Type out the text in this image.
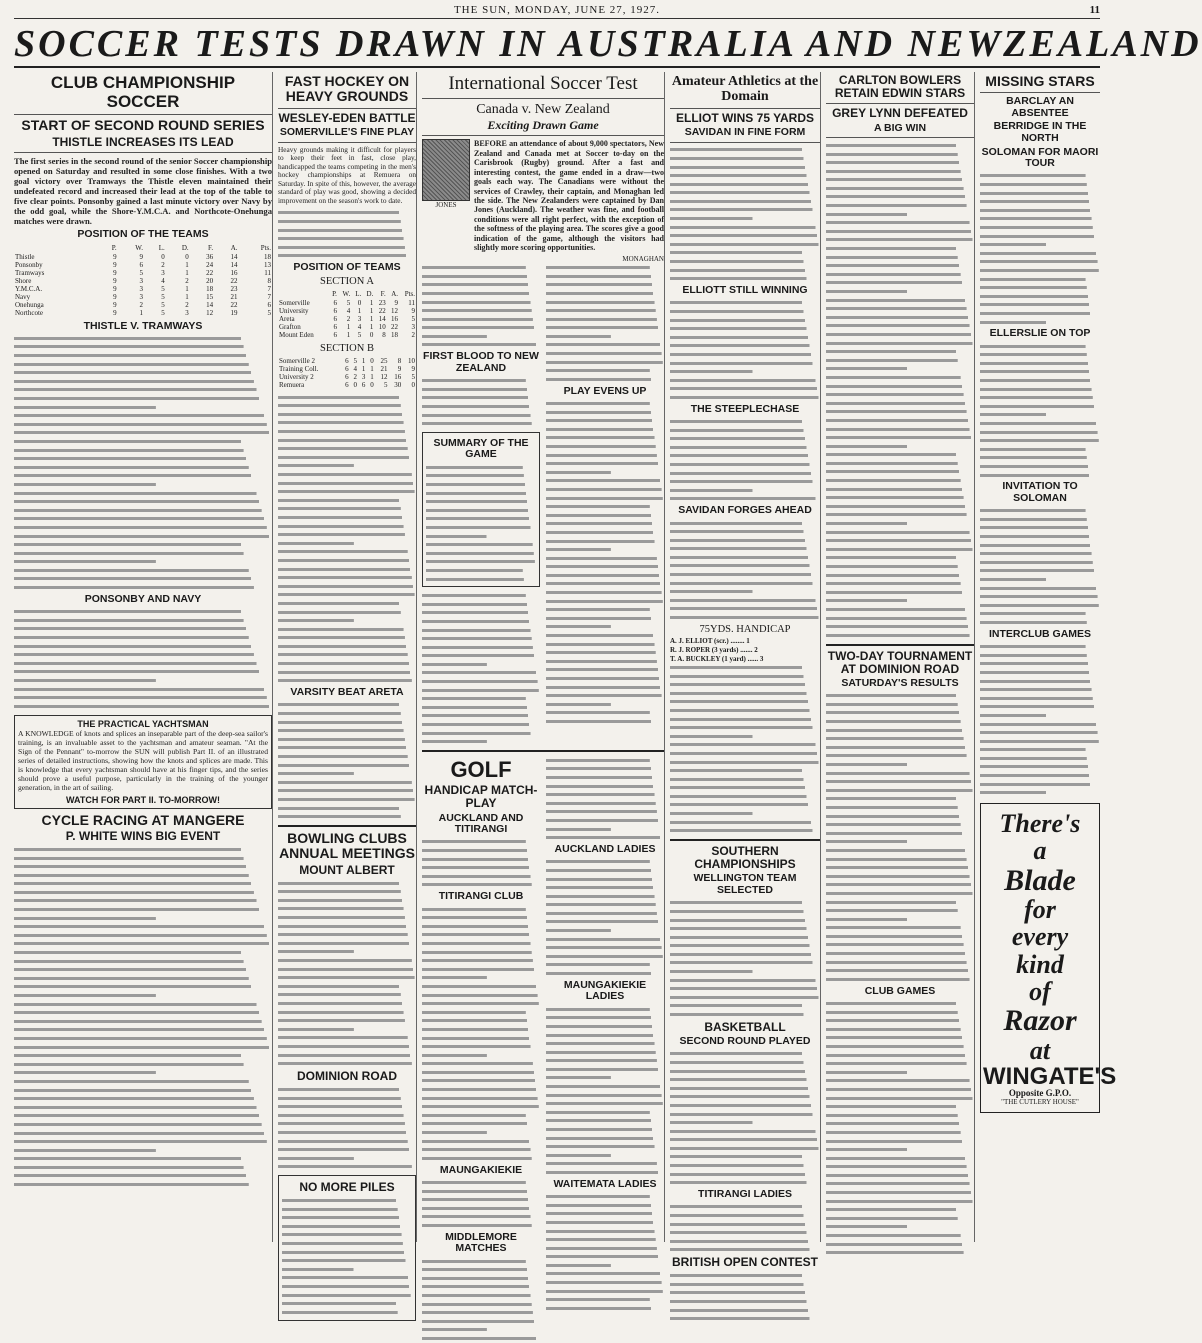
THE SUN, MONDAY, JUNE 27, 1927.	11
SOCCER TESTS DRAWN IN AUSTRALIA AND NEWZEALAND
CLUB CHAMPIONSHIP SOCCER
START OF SECOND ROUND SERIES
THISTLE INCREASES ITS LEAD

The first series in the second round of the senior Soccer championship opened on Saturday and resulted in some close finishes. With a two goal victory over Tramways the Thistle eleven maintained their undefeated record and increased their lead at the top of the table to five clear points. Ponsonby gained a last minute victory over Navy by the odd goal, while the Shore-Y.M.C.A. and Northcote-Onehunga matches were drawn.

POSITION OF THE TEAMS
	P.	W.	L.	D.	F.	A.	Pts.
Thistle	9	9	0	0	36	14	18
Ponsonby	9	6	2	1	24	14	13
Tramways	9	5	3	1	22	16	11
Shore	9	3	4	2	20	22	8
Y.M.C.A.	9	3	5	1	18	23	7
Navy	9	3	5	1	15	21	7
Onehunga	9	2	5	2	14	22	6
Northcote	9	1	5	3	12	19	5
THISTLE V. TRAMWAYS
PONSONBY AND NAVY
THE PRACTICAL YACHTSMAN

A KNOWLEDGE of knots and splices an inseparable part of the deep-sea sailor's training, is an invaluable asset to the yachtsman and amateur seaman. "At the Sign of the Pennant" to-morrow the SUN will publish Part II. of an illustrated series of detailed instructions, showing how the knots and splices are made. This is knowledge that every yachtsman should have at his finger tips, and the series should prove a useful purpose, particularly in the training of the younger generation, in the art of sailing.

WATCH FOR PART II. TO-MORROW!
CYCLE RACING AT MANGERE
P. WHITE WINS BIG EVENT
FAST HOCKEY ON HEAVY GROUNDS
WESLEY-EDEN BATTLE
SOMERVILLE'S FINE PLAY

Heavy grounds making it difficult for players to keep their feet in fast, close play, handicapped the teams competing in the men's hockey championships at Remuera on Saturday. In spite of this, however, the average standard of play was good, showing a decided improvement on the season's work to date.

POSITION OF TEAMS
SECTION A
	P.	W.	L.	D.	F.	A.	Pts.
Somerville	6	5	0	1	23	9	11
University	6	4	1	1	22	12	9
Aretа	6	2	3	1	14	16	5
Grafton	6	1	4	1	10	22	3
Mount Eden	6	1	5	0	8	18	2
SECTION B
Somerville 2	6	5	1	0	25	8	10
Training Coll.	6	4	1	1	21	9	9
University 2	6	2	3	1	12	16	5
Remuera	6	0	6	0	5	30	0
VARSITY BEAT ARETA
BOWLING CLUBS ANNUAL MEETINGS
MOUNT ALBERT
DOMINION ROAD
NO MORE PILES
International Soccer Test
Canada v. New Zealand
Exciting Drawn Game
JONES

BEFORE an attendance of about 9,000 spectators, New Zealand and Canada met at Soccer to-day on the Carisbrook (Rugby) ground. After a fast and interesting contest, the game ended in a draw—two goals each way. The Canadians were without the services of Crawley, their captain, and Monaghan led the side. The New Zealanders were captained by Dan Jones (Auckland). The weather was fine, and football conditions were all right perfect, with the exception of the softness of the playing area. The scores give a good indication of the game, although the visitors had slightly more scoring opportunities.

MONAGHAN
FIRST BLOOD TO NEW ZEALAND
SUMMARY OF THE GAME
PLAY EVENS UP
GOLF
HANDICAP MATCH-PLAY
AUCKLAND AND TITIRANGI
TITIRANGI CLUB
MAUNGAKIEKIE
MIDDLEMORE MATCHES
AUCKLAND LADIES
MAUNGAKIEKIE LADIES
WAITEMATA LADIES
Amateur Athletics at the Domain
ELLIOT WINS 75 YARDS
SAVIDAN IN FINE FORM
ELLIOTT STILL WINNING
THE STEEPLECHASE
SAVIDAN FORGES AHEAD
75YDS. HANDICAP
A. J. ELLIOT (scr.) ........ 1
R. J. ROPER (3 yards) ....... 2
T. A. BUCKLEY (1 yard) ...... 3
SOUTHERN CHAMPIONSHIPS
WELLINGTON TEAM SELECTED
BASKETBALL
SECOND ROUND PLAYED
TITIRANGI LADIES
BRITISH OPEN CONTEST
CARLTON BOWLERS RETAIN EDWIN STARS
GREY LYNN DEFEATED
A BIG WIN
TWO-DAY TOURNAMENT AT DOMINION ROAD
SATURDAY'S RESULTS
CLUB GAMES
MISSING STARS
BARCLAY AN ABSENTEE
BERRIDGE IN THE NORTH
SOLOMAN FOR MAORI TOUR
ELLERSLIE ON TOP
INVITATION TO SOLOMAN
INTERCLUB GAMES
There's
a
Blade
for
every
kind
of
Razor
at
WINGATE'S
Opposite G.P.O.
"THE CUTLERY HOUSE"
